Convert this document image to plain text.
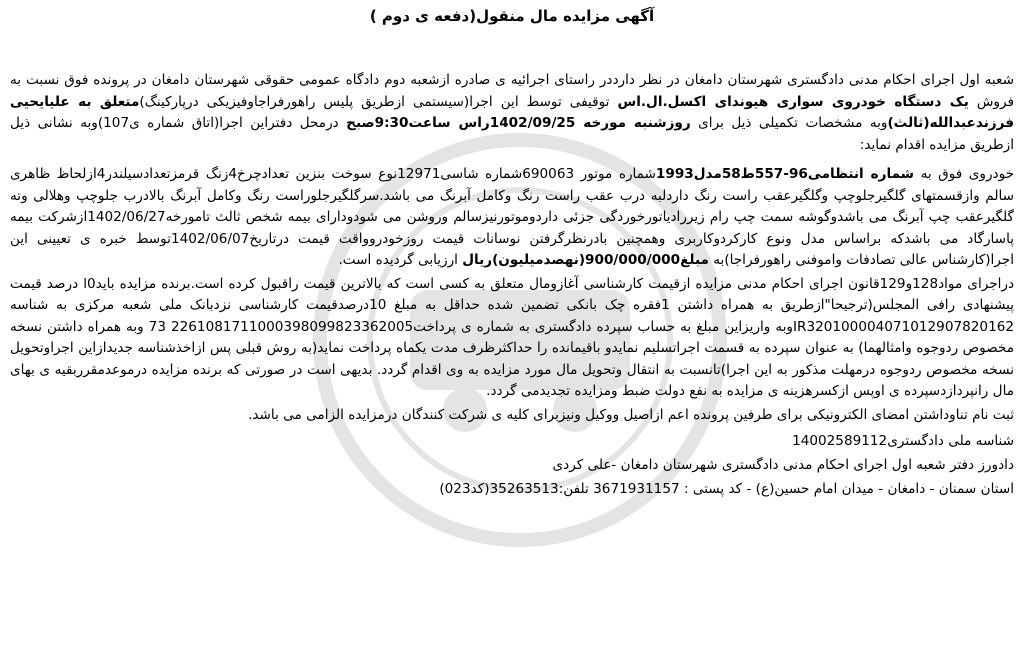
آگهی مزایده مال منقول(دفعه ی دوم )

شعبه اول اجرای احکام مدنی دادگستری شهرستان دامغان در نظر دارددر راستای اجرائیه ی صادره ازشعبه دوم دادگاه عمومی حقوقی شهرستان دامغان در پرونده فوق نسبت به فروش یک دستگاه خودروی سواری هیوندای اکسل.ال.اس توقیفی توسط این اجرا(سیستمی ازطریق پلیس راهورفراجاوفیزیکی درپارکینگ)متعلق به علیایحیی فرزندعبدالله(ثالث)وبه مشخصات تکمیلی ذیل برای روزشنبه مورخه 1402/09/25راس ساعت9:30صبح درمحل دفتراین اجرا(اتاق شماره ی107)وبه نشانی ذیل ازطریق مزایده اقدام نماید:

خودروی فوق به شماره انتظامی96-557ط58مدل1993شماره موتور 690063شماره شاسی12971نوع سوخت بنزین تعدادچرخ4زنگ قرمزتعدادسیلندر4ازلحاظ ظاهری سالم وازقسمتهای گلگیرجلوچپ وگلگیرعقب راست رنگ داردلبه درب عقب راست رنگ وکامل آبرنگ می باشد.سرگلگیرجلوراست رنگ وکامل آبرنگ بالادرب جلوچپ وهلالی وته گلگیرعقب چپ آبرنگ می باشدوگوشه سمت چپ رام زیررادیاتورخوردگی جزئی داردوموتورنیزسالم وروشن می شودودارای بیمه شخص ثالث تامورخه1402/06/27ازشرکت بیمه پاسارگاد می باشدکه براساس مدل ونوع کارکردوکاربری وهمچنین بادرنظرگرفتن نوسانات قیمت روزخودروواقت قیمت درتاریخ1402/06/07توسط خبره ی تعیینی این اجرا(کارشناس عالی تصادفات واموفنی راهورفراجا)به مبلغ900/000/000(نهصدمیلیون)ریال ارزیابی گردیده است.

دراجرای مواد128و129قانون اجرای احکام مدنی مزایده ازقیمت کارشناسی آغازومال متعلق به کسی است که بالاترین قیمت راقبول کرده است.برنده مزایده بایدl0 درصد قیمت پیشنهادی رافی المجلس(ترجیحا"ازطریق به همراه داشتن 1فقره چک بانکی تضمین شده حداقل به مبلغ 10درصدقیمت کارشناسی نزدبانک ملی شعبه مرکزی به شناسه IR320100004071012907820162وبه واریزاین مبلغ به حساب سپرده دادگستری به شماره ی پرداخت2261081711000398099823362005 73 وبه همراه داشتن نسخه مخصوص ردوجوه وامثالهما) به عنوان سپرده به قسمت اجراتسلیم نمایدو باقیمانده را حداکثرظرف مدت یکماه پرداخت نماید(به روش قبلی پس ازاخذشناسه جدیدازاین اجراوتحویل نسخه مخصوص ردوجوه درمهلت مذکور به این اجرا)تانسبت به انتقال وتحویل مال مورد مزایده به وی اقدام گردد. بدیهی است در صورتی که برنده مزایده درموعدمقرربقیه ی بهای مال رانپردازدسپرده ی اوپس ازکسرهزینه ی مزایده به نفع دولت ضبط ومزایده تجدیدمی گردد.

ثبت نام تناوداشتن امضای الکترونیکی برای طرفین پرونده اعم ازاصیل ووکیل ونیزبرای کلیه ی شرکت کنندگان درمزایده الزامی می باشد.

شناسه ملی دادگستری14002589112

دادورز دفتر شعبه اول اجرای احکام مدنی دادگستری شهرستان دامغان -علی کردی

استان سمنان - دامغان - میدان امام حسین(ع) - کد پستی : 3671931157 تلفن:35263513(کد023)
